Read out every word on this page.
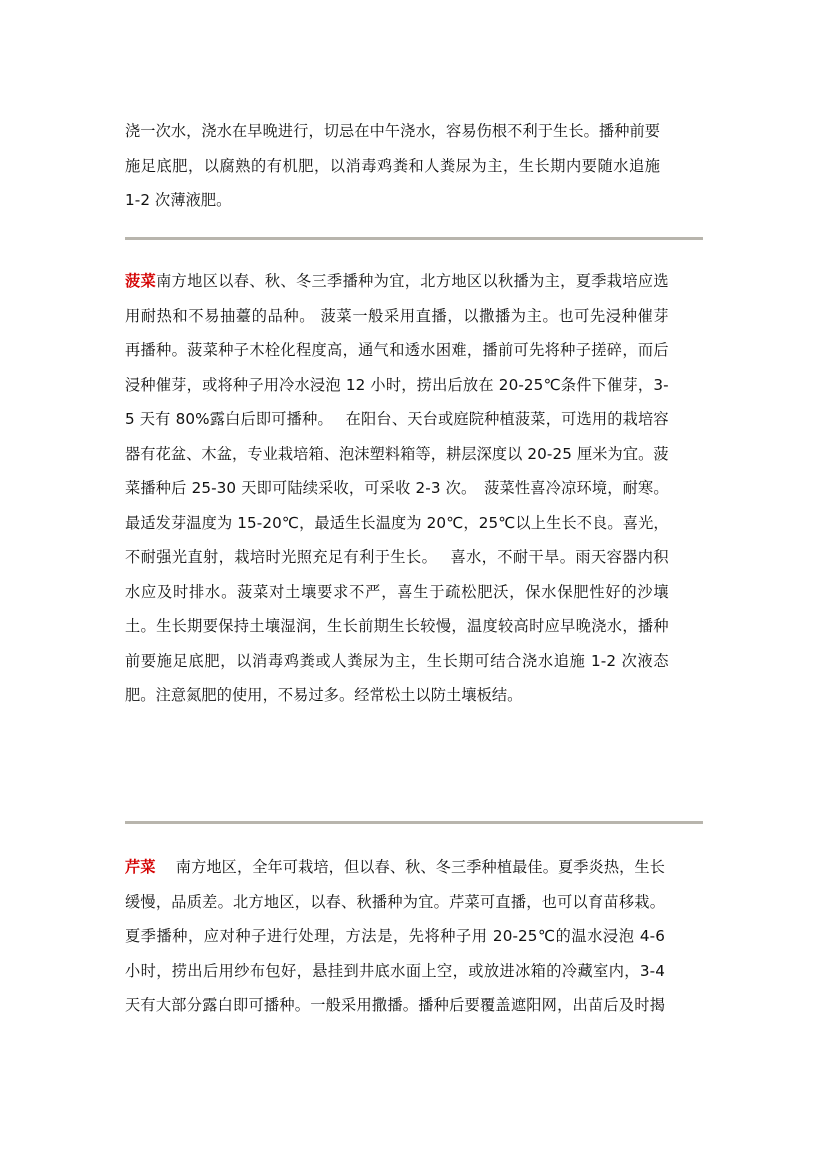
浇一次水，浇水在早晚进行，切忌在中午浇水，容易伤根不利于生长。播种前要
施足底肥，以腐熟的有机肥，以消毒鸡粪和人粪尿为主，生长期内要随水追施
1-2 次薄液肥。
菠菜南方地区以春、秋、冬三季播种为宜，北方地区以秋播为主，夏季栽培应选
用耐热和不易抽薹的品种。 菠菜一般采用直播，以撒播为主。也可先浸种催芽
再播种。菠菜种子木栓化程度高，通气和透水困难，播前可先将种子搓碎，而后
浸种催芽，或将种子用冷水浸泡 12 小时，捞出后放在 20-25℃条件下催芽，3-
5 天有 80%露白后即可播种。　 在阳台、天台或庭院种植菠菜，可选用的栽培容
器有花盆、木盆，专业栽培箱、泡沫塑料箱等，耕层深度以 20-25 厘米为宜。菠
菜播种后 25-30 天即可陆续采收，可采收 2-3 次。　菠菜性喜冷凉环境，耐寒。
最适发芽温度为 15-20℃，最适生长温度为 20℃，25℃以上生长不良。喜光，
不耐强光直射，栽培时光照充足有利于生长。　 喜水，不耐干旱。雨天容器内积
水应及时排水。菠菜对土壤要求不严，喜生于疏松肥沃，保水保肥性好的沙壤
土。生长期要保持土壤湿润，生长前期生长较慢，温度较高时应早晚浇水，播种
前要施足底肥，以消毒鸡粪或人粪尿为主，生长期可结合浇水追施 1-2 次液态
肥。注意氮肥的使用，不易过多。经常松土以防土壤板结。
芹菜　 南方地区，全年可栽培，但以春、秋、冬三季种植最佳。夏季炎热，生长
缓慢，品质差。北方地区，以春、秋播种为宜。芹菜可直播，也可以育苗移栽。
夏季播种，应对种子进行处理，方法是，先将种子用 20-25℃的温水浸泡 4-6
小时，捞出后用纱布包好，悬挂到井底水面上空，或放进冰箱的冷藏室内，3-4
天有大部分露白即可播种。一般采用撒播。播种后要覆盖遮阳网，出苗后及时揭
